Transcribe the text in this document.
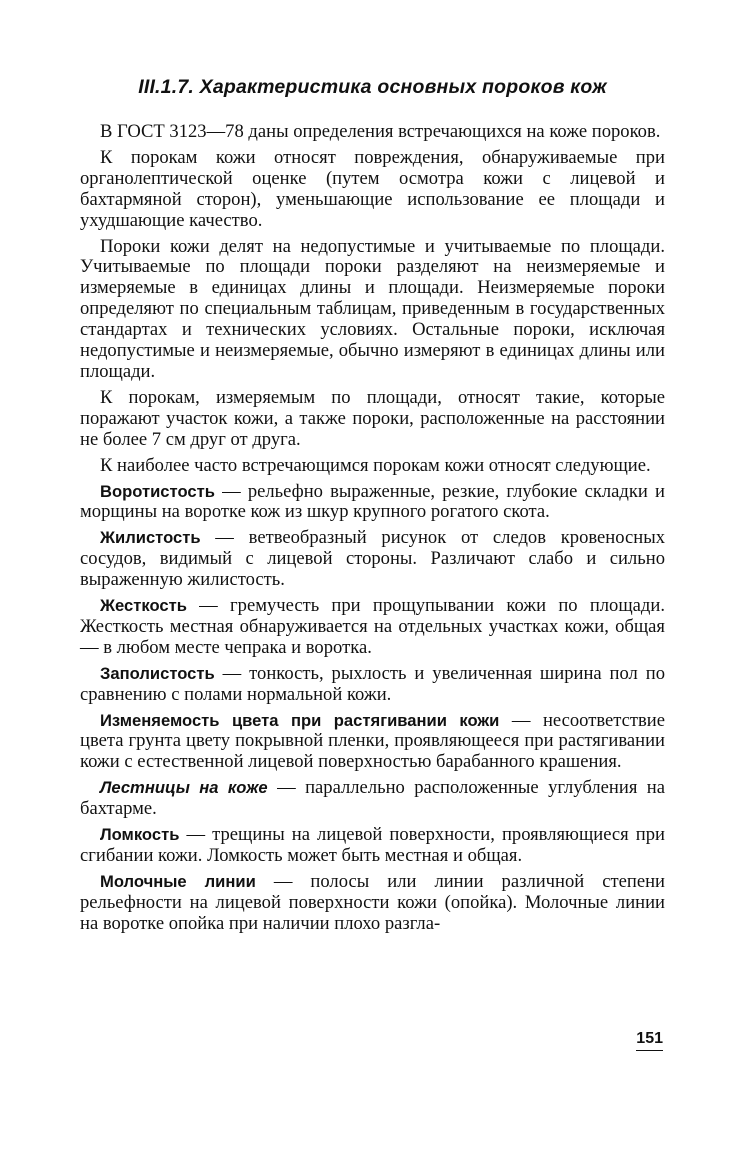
III.1.7. Характеристика основных пороков кож

В ГОСТ 3123—78 даны определения встречающихся на коже пороков.

К порокам кожи относят повреждения, обнаруживаемые при органолептической оценке (путем осмотра кожи с лицевой и бахтармяной сторон), уменьшающие использование ее площади и ухудшающие качество.

Пороки кожи делят на недопустимые и учитываемые по площади. Учитываемые по площади пороки разделяют на неизмеряемые и измеряемые в единицах длины и площади. Неизмеряемые пороки определяют по специальным таблицам, приведенным в государственных стандартах и технических условиях. Остальные пороки, исключая недопустимые и неизмеряемые, обычно измеряют в единицах длины или площади.

К порокам, измеряемым по площади, относят такие, которые поражают участок кожи, а также пороки, расположенные на расстоянии не более 7 см друг от друга.

К наиболее часто встречающимся порокам кожи относят следующие.

Воротистость — рельефно выраженные, резкие, глубокие складки и морщины на воротке кож из шкур крупного рогатого скота.

Жилистость — ветвеобразный рисунок от следов кровеносных сосудов, видимый с лицевой стороны. Различают слабо и сильно выраженную жилистость.

Жесткость — гремучесть при прощупывании кожи по площади. Жесткость местная обнаруживается на отдельных участках кожи, общая — в любом месте чепрака и воротка.

Заполистость — тонкость, рыхлость и увеличенная ширина пол по сравнению с полами нормальной кожи.

Изменяемость цвета при растягивании кожи — несоответствие цвета грунта цвету покрывной пленки, проявляющееся при растягивании кожи с естественной лицевой поверхностью барабанного крашения.

Лестницы на коже — параллельно расположенные углубления на бахтарме.

Ломкость — трещины на лицевой поверхности, проявляющиеся при сгибании кожи. Ломкость может быть местная и общая.

Молочные линии — полосы или линии различной степени рельефности на лицевой поверхности кожи (опойка). Молочные линии на воротке опойка при наличии плохо разгла-

151
